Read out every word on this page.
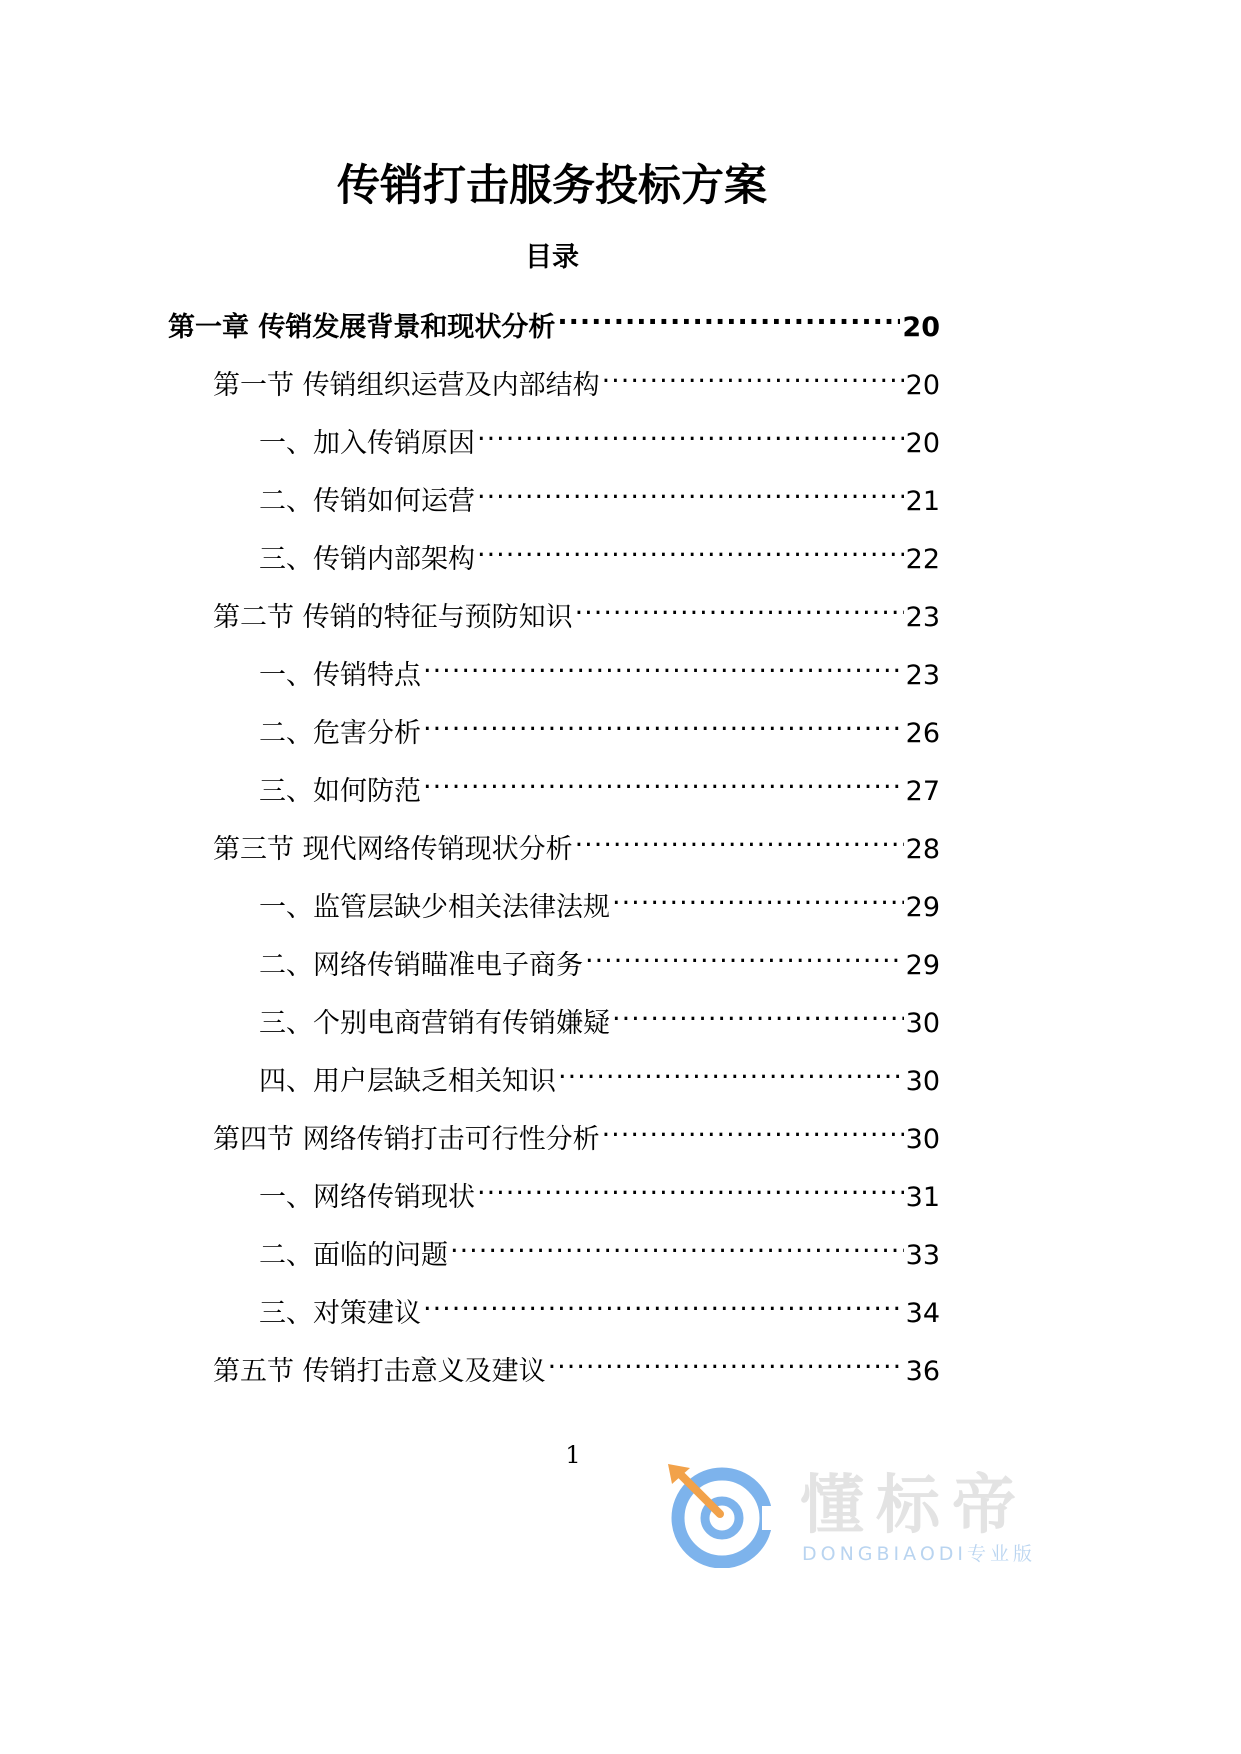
传销打击服务投标方案
目录
第一章 传销发展背景和现状分析 .....	20
第一节 传销组织运营及内部结构 .....	20
一、加入传销原因 .....	20
二、传销如何运营 .....	21
三、传销内部架构 .....	22
第二节 传销的特征与预防知识 .....	23
一、传销特点 .....	23
二、危害分析 .....	26
三、如何防范 .....	27
第三节 现代网络传销现状分析 .....	28
一、监管层缺少相关法律法规 .....	29
二、网络传销瞄准电子商务 .....	29
三、个别电商营销有传销嫌疑 .....	30
四、用户层缺乏相关知识 .....	30
第四节 网络传销打击可行性分析 .....	30
一、网络传销现状 .....	31
二、面临的问题 .....	33
三、对策建议 .....	34
第五节 传销打击意义及建议 .....	36
1
懂标帝
DONGBIAODI专业版
